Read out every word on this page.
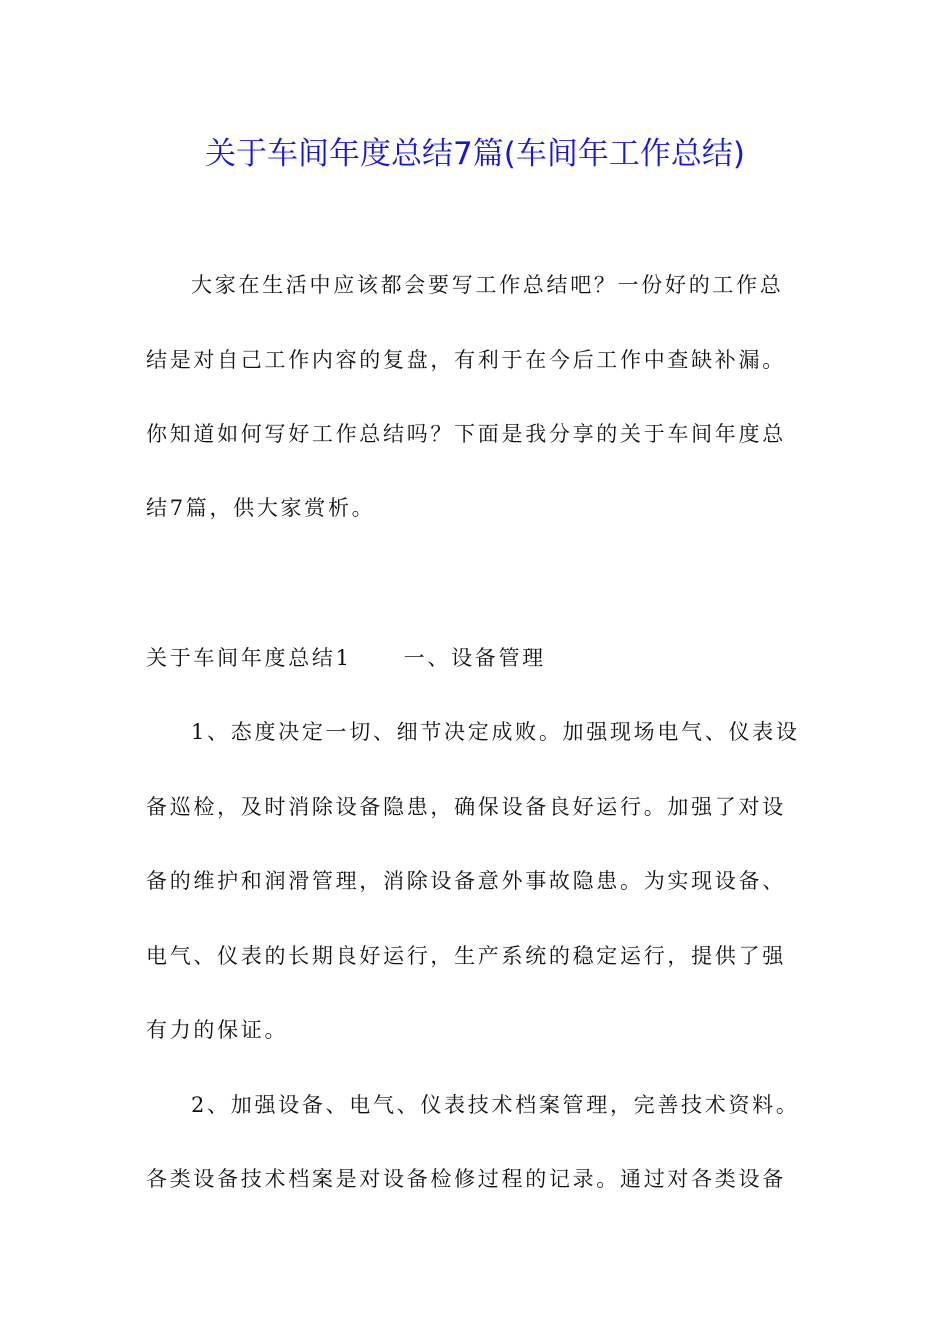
关于车间年度总结7篇(车间年工作总结)
大家在生活中应该都会要写工作总结吧？一份好的工作总
结是对自己工作内容的复盘，有利于在今后工作中查缺补漏。
你知道如何写好工作总结吗？下面是我分享的关于车间年度总
结7篇，供大家赏析。
关于车间年度总结1 一、设备管理
1、态度决定一切、细节决定成败。加强现场电气、仪表设
备巡检，及时消除设备隐患，确保设备良好运行。加强了对设
备的维护和润滑管理，消除设备意外事故隐患。为实现设备、
电气、仪表的长期良好运行，生产系统的稳定运行，提供了强
有力的保证。
2、加强设备、电气、仪表技术档案管理，完善技术资料。
各类设备技术档案是对设备检修过程的记录。通过对各类设备
